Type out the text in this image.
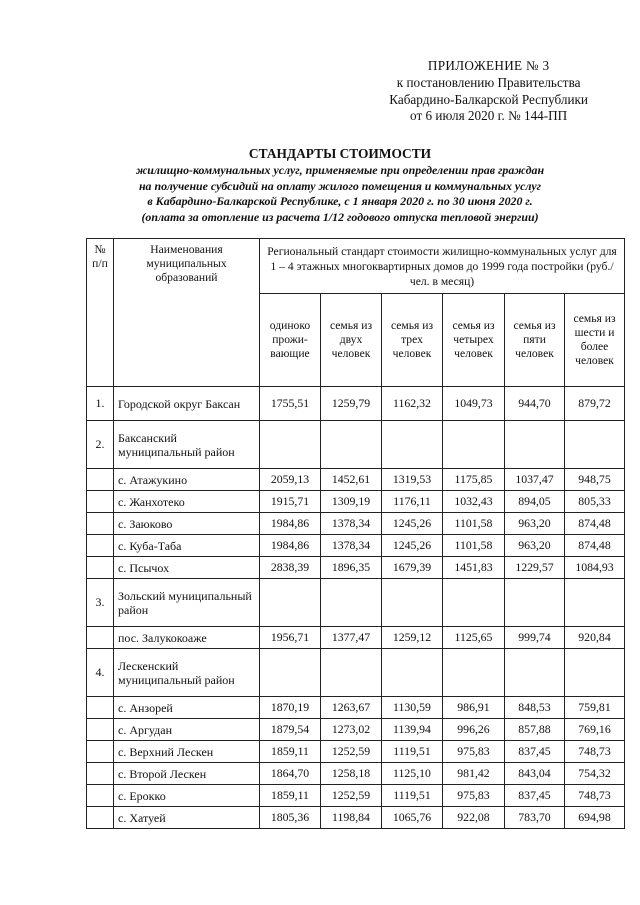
ПРИЛОЖЕНИЕ № 3
к постановлению Правительства
Кабардино-Балкарской Республики
от 6 июля 2020 г. № 144-ПП
СТАНДАРТЫ СТОИМОСТИ
жилищно-коммунальных услуг, применяемые при определении прав граждан
на получение субсидий на оплату жилого помещения и коммунальных услуг
в Кабардино-Балкарской Республике, с 1 января 2020 г. по 30 июня 2020 г.
(оплата за отопление из расчета 1/12 годового отпуска тепловой энергии)
№ п/п	Наименования муниципальных образований	Региональный стандарт стоимости жилищно-коммунальных услуг для 1 – 4 этажных многоквартирных домов до 1999 года постройки (руб./чел. в месяц)					
		одиноко прожи-вающие	семья из двух человек	семья из трех человек	семья из четырех человек	семья из пяти человек	семья из шести и более человек
1.	Городской округ Баксан	1755,51	1259,79	1162,32	1049,73	944,70	879,72
2.	Баксанский муниципальный район						
	с. Атажукино	2059,13	1452,61	1319,53	1175,85	1037,47	948,75
	с. Жанхотеко	1915,71	1309,19	1176,11	1032,43	894,05	805,33
	с. Заюково	1984,86	1378,34	1245,26	1101,58	963,20	874,48
	с. Куба-Таба	1984,86	1378,34	1245,26	1101,58	963,20	874,48
	с. Псычох	2838,39	1896,35	1679,39	1451,83	1229,57	1084,93
3.	Зольский муниципальный район						
	пос. Залукокоаже	1956,71	1377,47	1259,12	1125,65	999,74	920,84
4.	Лескенский муниципальный район						
	с. Анзорей	1870,19	1263,67	1130,59	986,91	848,53	759,81
	с. Аргудан	1879,54	1273,02	1139,94	996,26	857,88	769,16
	с. Верхний Лескен	1859,11	1252,59	1119,51	975,83	837,45	748,73
	с. Второй Лескен	1864,70	1258,18	1125,10	981,42	843,04	754,32
	с. Ерокко	1859,11	1252,59	1119,51	975,83	837,45	748,73
	с. Хатуей	1805,36	1198,84	1065,76	922,08	783,70	694,98
